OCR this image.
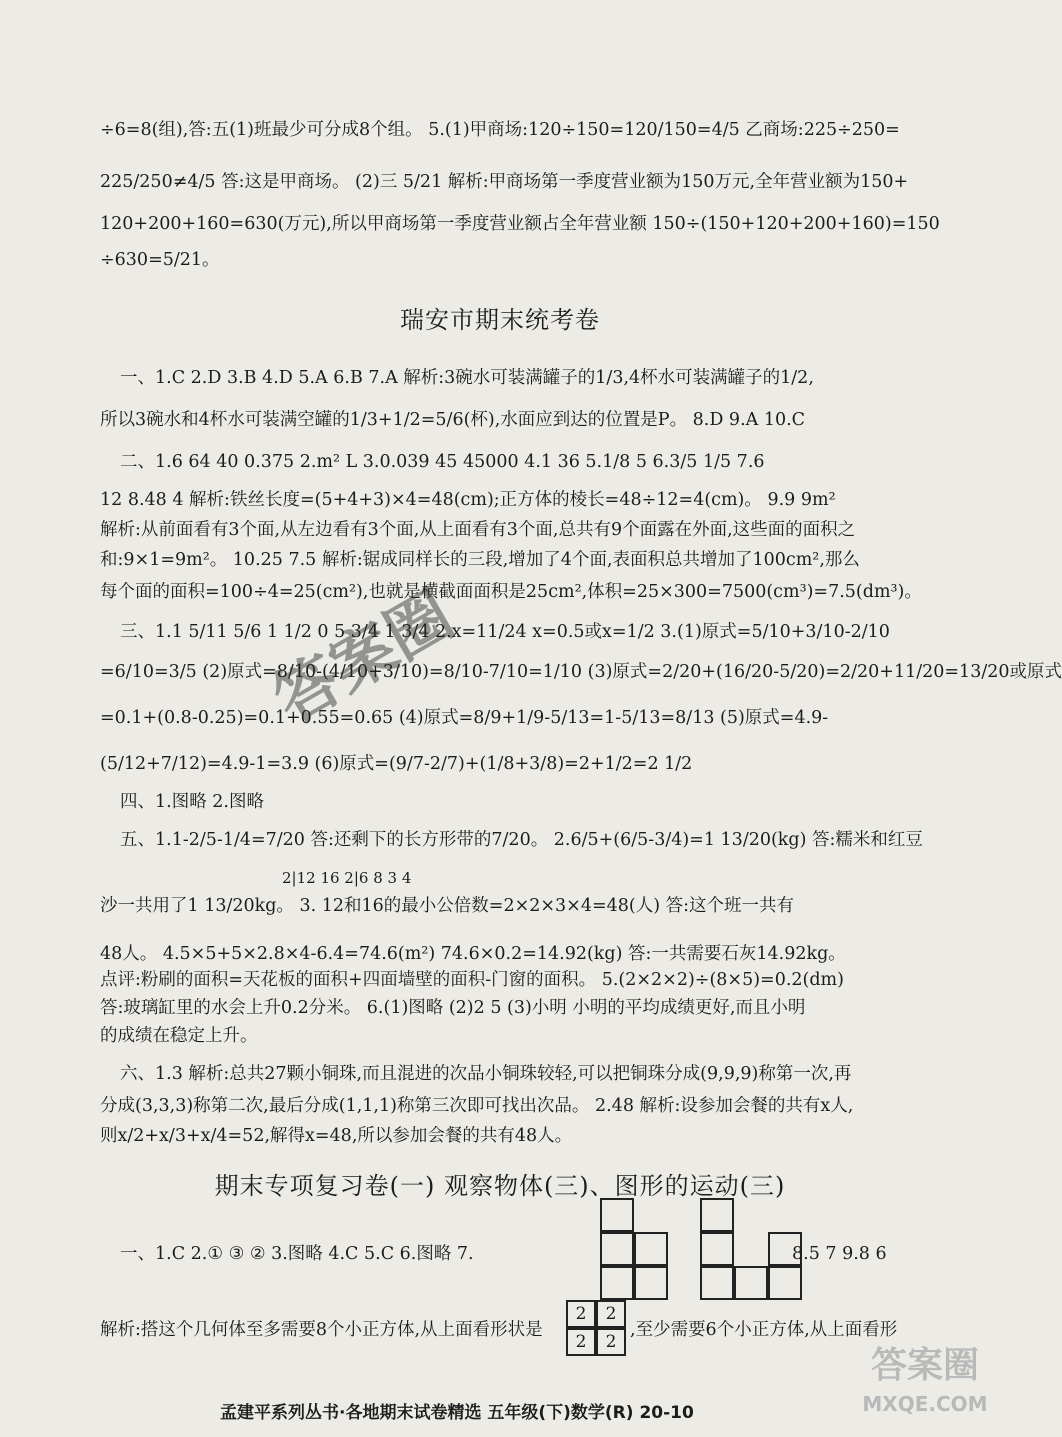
÷6=8(组),答:五(1)班最少可分成8个组。 5.(1)甲商场:120÷150=120/150=4/5 乙商场:225÷250=
225/250≠4/5 答:这是甲商场。 (2)三 5/21 解析:甲商场第一季度营业额为150万元,全年营业额为150+
120+200+160=630(万元),所以甲商场第一季度营业额占全年营业额 150÷(150+120+200+160)=150
÷630=5/21。
瑞安市期末统考卷
一、1.C 2.D 3.B 4.D 5.A 6.B 7.A 解析:3碗水可装满罐子的1/3,4杯水可装满罐子的1/2,
所以3碗水和4杯水可装满空罐的1/3+1/2=5/6(杯),水面应到达的位置是P。 8.D 9.A 10.C
二、1.6 64 40 0.375 2.m² L 3.0.039 45 45000 4.1 36 5.1/8 5 6.3/5 1/5 7.6
12 8.48 4 解析:铁丝长度=(5+4+3)×4=48(cm);正方体的棱长=48÷12=4(cm)。 9.9 9m²
解析:从前面看有3个面,从左边看有3个面,从上面看有3个面,总共有9个面露在外面,这些面的面积之
和:9×1=9m²。 10.25 7.5 解析:锯成同样长的三段,增加了4个面,表面积总共增加了100cm²,那么
每个面的面积=100÷4=25(cm²),也就是横截面面积是25cm²,体积=25×300=7500(cm³)=7.5(dm³)。
三、1.1 5/11 5/6 1 1/2 0 5 3/4 1 3/4 2.x=11/24 x=0.5或x=1/2 3.(1)原式=5/10+3/10-2/10
=6/10=3/5 (2)原式=8/10-(4/10+3/10)=8/10-7/10=1/10 (3)原式=2/20+(16/20-5/20)=2/20+11/20=13/20或原式
=0.1+(0.8-0.25)=0.1+0.55=0.65 (4)原式=8/9+1/9-5/13=1-5/13=8/13 (5)原式=4.9-
(5/12+7/12)=4.9-1=3.9 (6)原式=(9/7-2/7)+(1/8+3/8)=2+1/2=2 1/2
四、1.图略 2.图略
五、1.1-2/5-1/4=7/20 答:还剩下的长方形带的7/20。 2.6/5+(6/5-3/4)=1 13/20(kg) 答:糯米和红豆
2|12 16 2|6 8 3 4
沙一共用了1 13/20kg。 3. 12和16的最小公倍数=2×2×3×4=48(人) 答:这个班一共有
48人。 4.5×5+5×2.8×4-6.4=74.6(m²) 74.6×0.2=14.92(kg) 答:一共需要石灰14.92kg。
点评:粉刷的面积=天花板的面积+四面墙壁的面积-门窗的面积。 5.(2×2×2)÷(8×5)=0.2(dm)
答:玻璃缸里的水会上升0.2分米。 6.(1)图略 (2)2 5 (3)小明 小明的平均成绩更好,而且小明
的成绩在稳定上升。
六、1.3 解析:总共27颗小铜珠,而且混进的次品小铜珠较轻,可以把铜珠分成(9,9,9)称第一次,再
分成(3,3,3)称第二次,最后分成(1,1,1)称第三次即可找出次品。 2.48 解析:设参加会餐的共有x人,
则x/2+x/3+x/4=52,解得x=48,所以参加会餐的共有48人。
期末专项复习卷(一) 观察物体(三)、图形的运动(三)
一、1.C 2.① ③ ② 3.图略 4.C 5.C 6.图略 7.	8.5 7 9.8 6
解析:搭这个几何体至多需要8个小正方体,从上面看形状是
2	2
2	2
,至少需要6个小正方体,从上面看形
答案圈
孟建平系列丛书·各地期末试卷精选 五年级(下)数学(R) 20-10
答案圈
MXQE.COM
